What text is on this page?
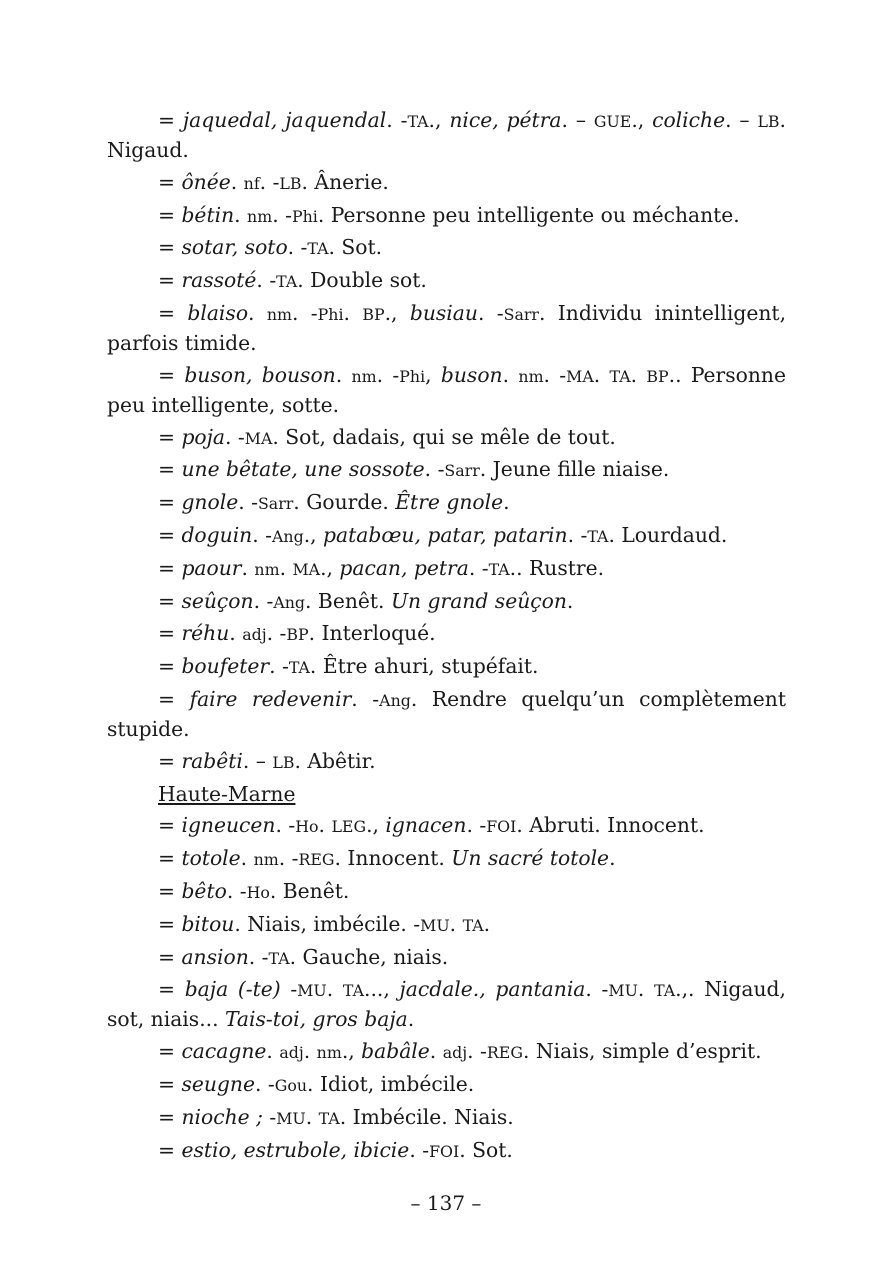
= jaquedal, jaquendal. -TA., nice, pétra. – GUE., coliche. – LB. Nigaud.
= ônée. nf. -LB. Ânerie.
= bétin. nm. -Phi. Personne peu intelligente ou méchante.
= sotar, soto. -TA. Sot.
= rassoté. -TA. Double sot.
= blaiso. nm. -Phi. BP., busiau. -Sarr. Individu inintelligent, parfois timide.
= buson, bouson. nm. -Phi, buson. nm. -MA. TA. BP.. Personne peu intelligente, sotte.
= poja. -MA. Sot, dadais, qui se mêle de tout.
= une bêtate, une sossote. -Sarr. Jeune fille niaise.
= gnole. -Sarr. Gourde. Être gnole.
= doguin. -Ang., patabœu, patar, patarin. -TA. Lourdaud.
= paour. nm. MA., pacan, petra. -TA.. Rustre.
= seûçon. -Ang. Benêt. Un grand seûçon.
= réhu. adj. -BP. Interloqué.
= boufeter. -TA. Être ahuri, stupéfait.
= faire redevenir. -Ang. Rendre quelqu’un complètement stupide.
= rabêti. – LB. Abêtir.
Haute-Marne
= igneucen. -Ho. LEG., ignacen. -FOI. Abruti. Innocent.
= totole. nm. -REG. Innocent. Un sacré totole.
= bêto. -Ho. Benêt.
= bitou. Niais, imbécile. -MU. TA.
= ansion. -TA. Gauche, niais.
= baja (-te) -MU. TA..., jacdale., pantania. -MU. TA.,. Nigaud, sot, niais... Tais-toi, gros baja.
= cacagne. adj. nm., babâle. adj. -REG. Niais, simple d’esprit.
= seugne. -Gou. Idiot, imbécile.
= nioche ; -MU. TA. Imbécile. Niais.
= estio, estrubole, ibicie. -FOI. Sot.
– 137 –
